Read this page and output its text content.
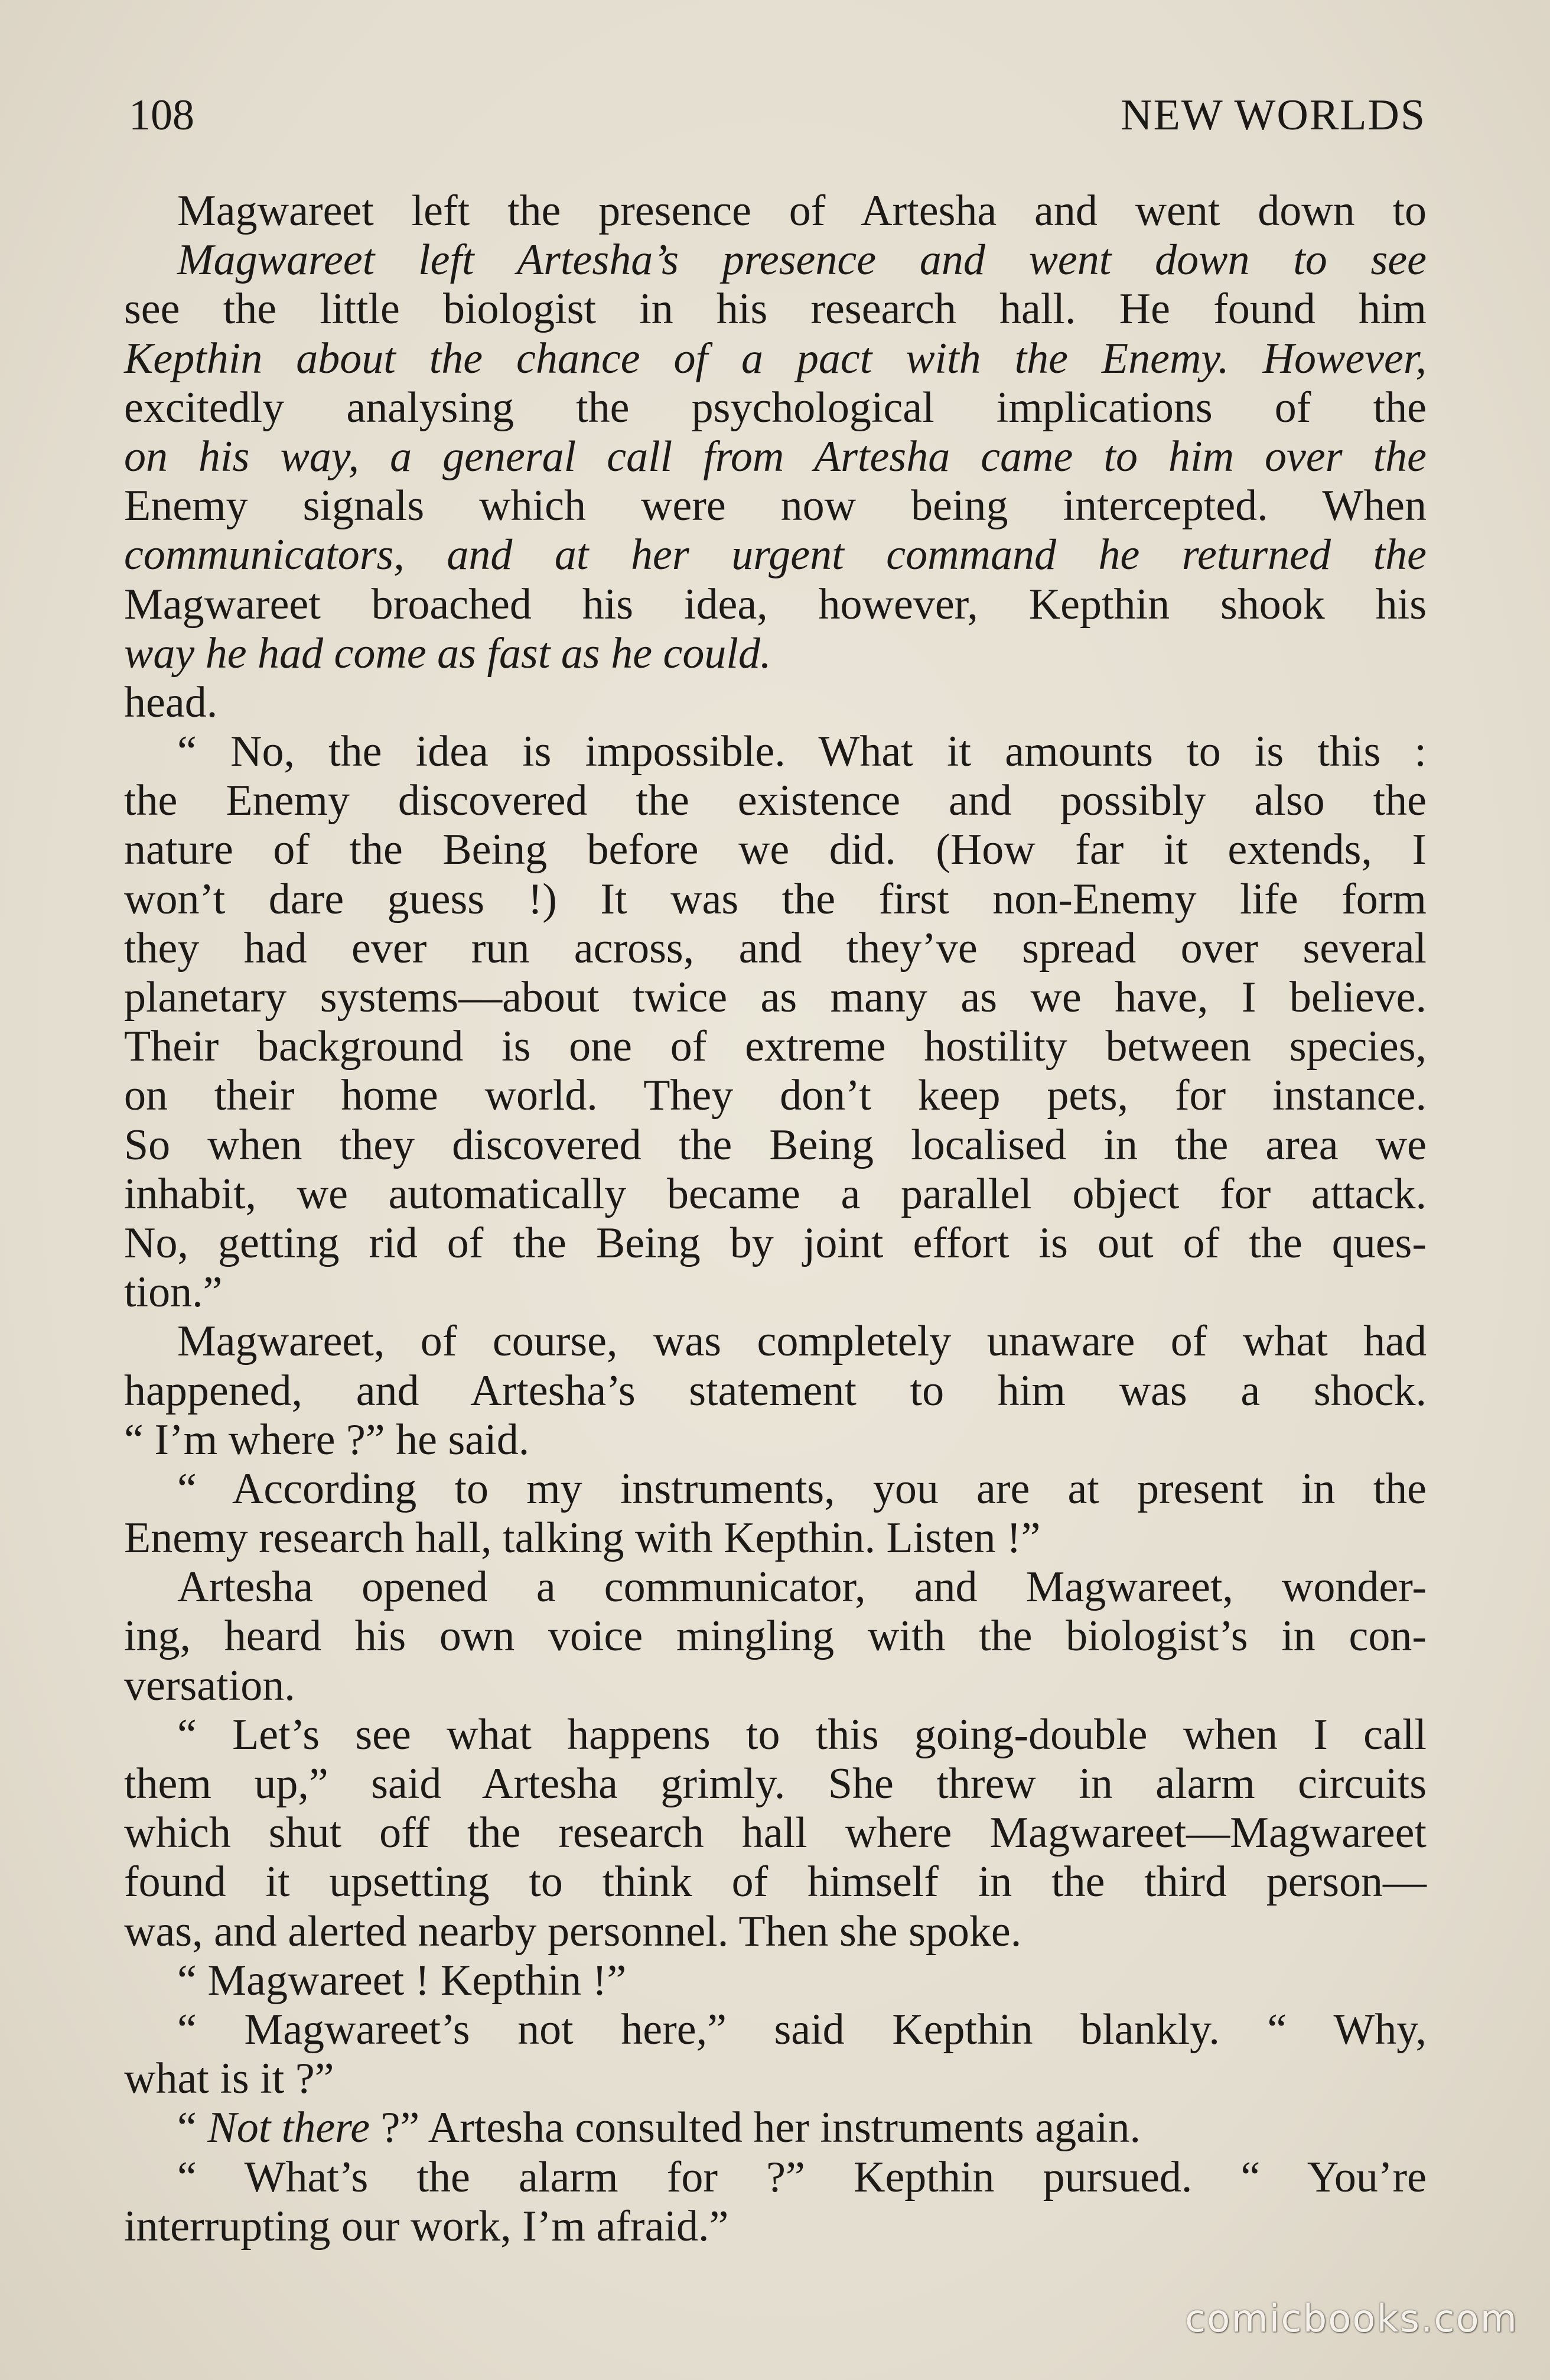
108	NEW WORLDS
Magwareet left the presence of Artesha and went down to
Magwareet left Artesha’s presence and went down to see
see the little biologist in his research hall. He found him
Kepthin about the chance of a pact with the Enemy. However,
excitedly analysing the psychological implications of the
on his way, a general call from Artesha came to him over the
Enemy signals which were now being intercepted. When
communicators, and at her urgent command he returned the
Magwareet broached his idea, however, Kepthin shook his
way he had come as fast as he could.
head.
“ No, the idea is impossible. What it amounts to is this :
the Enemy discovered the existence and possibly also the
nature of the Being before we did. (How far it extends, I
won’t dare guess !) It was the first non-Enemy life form
they had ever run across, and they’ve spread over several
planetary systems—about twice as many as we have, I believe.
Their background is one of extreme hostility between species,
on their home world. They don’t keep pets, for instance.
So when they discovered the Being localised in the area we
inhabit, we automatically became a parallel object for attack.
No, getting rid of the Being by joint effort is out of the ques-
tion.”
Magwareet, of course, was completely unaware of what had
happened, and Artesha’s statement to him was a shock.
“ I’m where ?” he said.
“ According to my instruments, you are at present in the
Enemy research hall, talking with Kepthin. Listen !”
Artesha opened a communicator, and Magwareet, wonder-
ing, heard his own voice mingling with the biologist’s in con-
versation.
“ Let’s see what happens to this going-double when I call
them up,” said Artesha grimly. She threw in alarm circuits
which shut off the research hall where Magwareet—Magwareet
found it upsetting to think of himself in the third person—
was, and alerted nearby personnel. Then she spoke.
“ Magwareet ! Kepthin !”
“ Magwareet’s not here,” said Kepthin blankly. “ Why,
what is it ?”
“ Not there ?” Artesha consulted her instruments again.
“ What’s the alarm for ?” Kepthin pursued. “ You’re
interrupting our work, I’m afraid.”
comicbooks.com
